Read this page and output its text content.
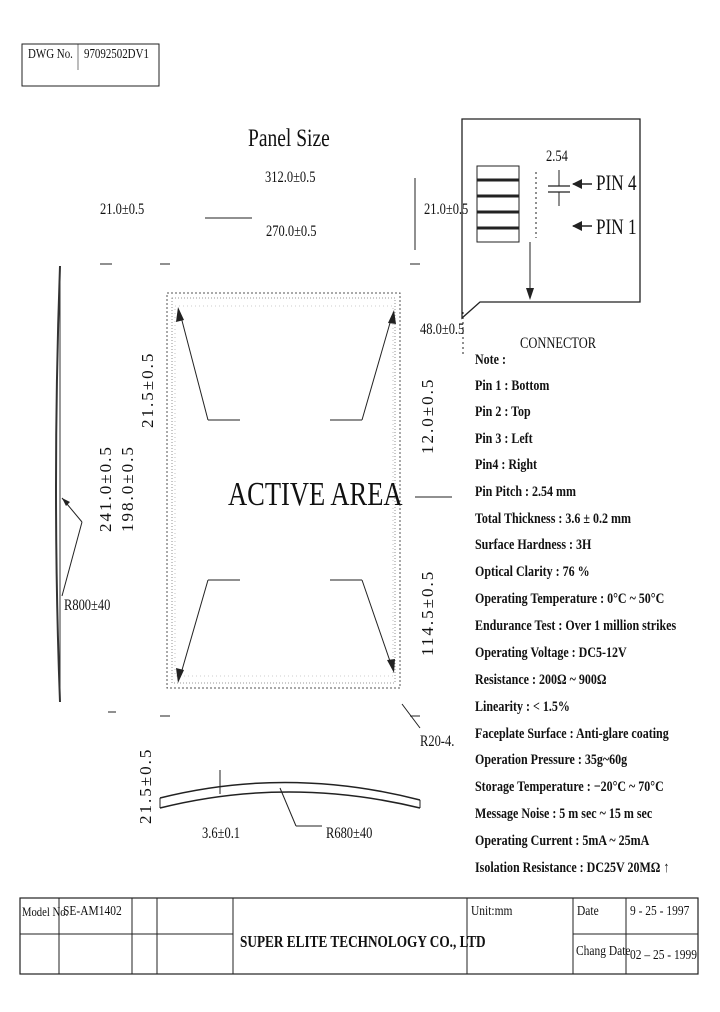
DWG No. 97092502DV1
Panel Size
312.0±0.5
21.0±0.5	21.0±0.5
270.0±0.5
48.0±0.5
21.5±0.5
241.0±0.5 198.0±0.5
12.0±0.5
114.5±0.5
21.5±0.5
ACTIVE AREA
R800±40
R20-4.
3.6±0.1	R680±40
2.54
PIN 4
PIN 1
CONNECTOR
Note :
Pin 1 : Bottom
Pin 2 : Top
Pin 3 : Left
Pin4 : Right
Pin Pitch : 2.54 mm
Total Thickness : 3.6 ± 0.2 mm
Surface Hardness : 3H
Optical Clarity : 76 %
Operating Temperature : 0°C ~ 50°C
Endurance Test : Over 1 million strikes
Operating Voltage : DC5-12V
Resistance : 200Ω ~ 900Ω
Linearity : < 1.5%
Faceplate Surface : Anti-glare coating
Operation Pressure : 35g~60g
Storage Temperature : −20°C ~ 70°C
Message Noise : 5 m sec ~ 15 m sec
Operating Current : 5mA ~ 25mA
Isolation Resistance : DC25V 20MΩ ↑
Model No.
SE-AM1402
SUPER ELITE TECHNOLOGY CO., LTD
Unit:mm	Date 9 - 25 - 1997
Chang Date 02 – 25 - 1999
